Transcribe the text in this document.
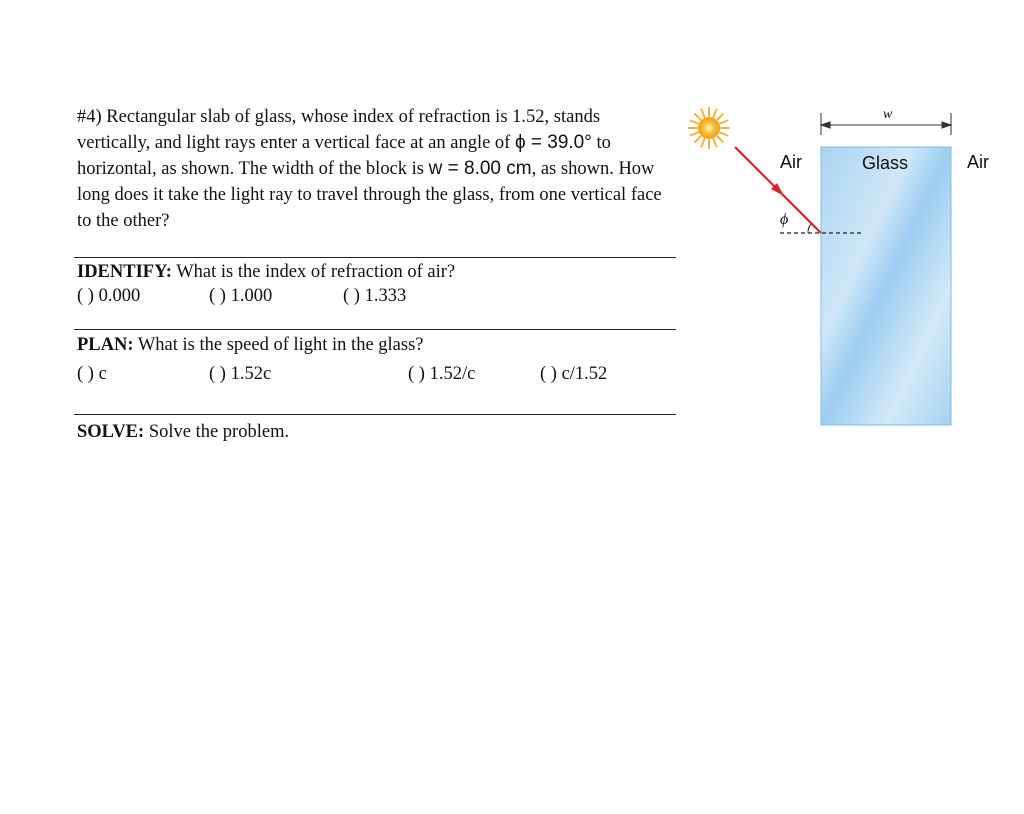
#4) Rectangular slab of glass, whose index of refraction is 1.52, stands vertically, and light rays enter a vertical face at an angle of ϕ = 39.0° to horizontal, as shown. The width of the block is w = 8.00 cm, as shown. How long does it take the light ray to travel through the glass, from one vertical face to the other?

IDENTIFY: What is the index of refraction of air?
( ) 0.000	( ) 1.000	( ) 1.333
PLAN: What is the speed of light in the glass?
( ) c	( ) 1.52c	( ) 1.52/c	( ) c/1.52
SOLVE: Solve the problem.
Air	Glass	Air
w
ϕ
